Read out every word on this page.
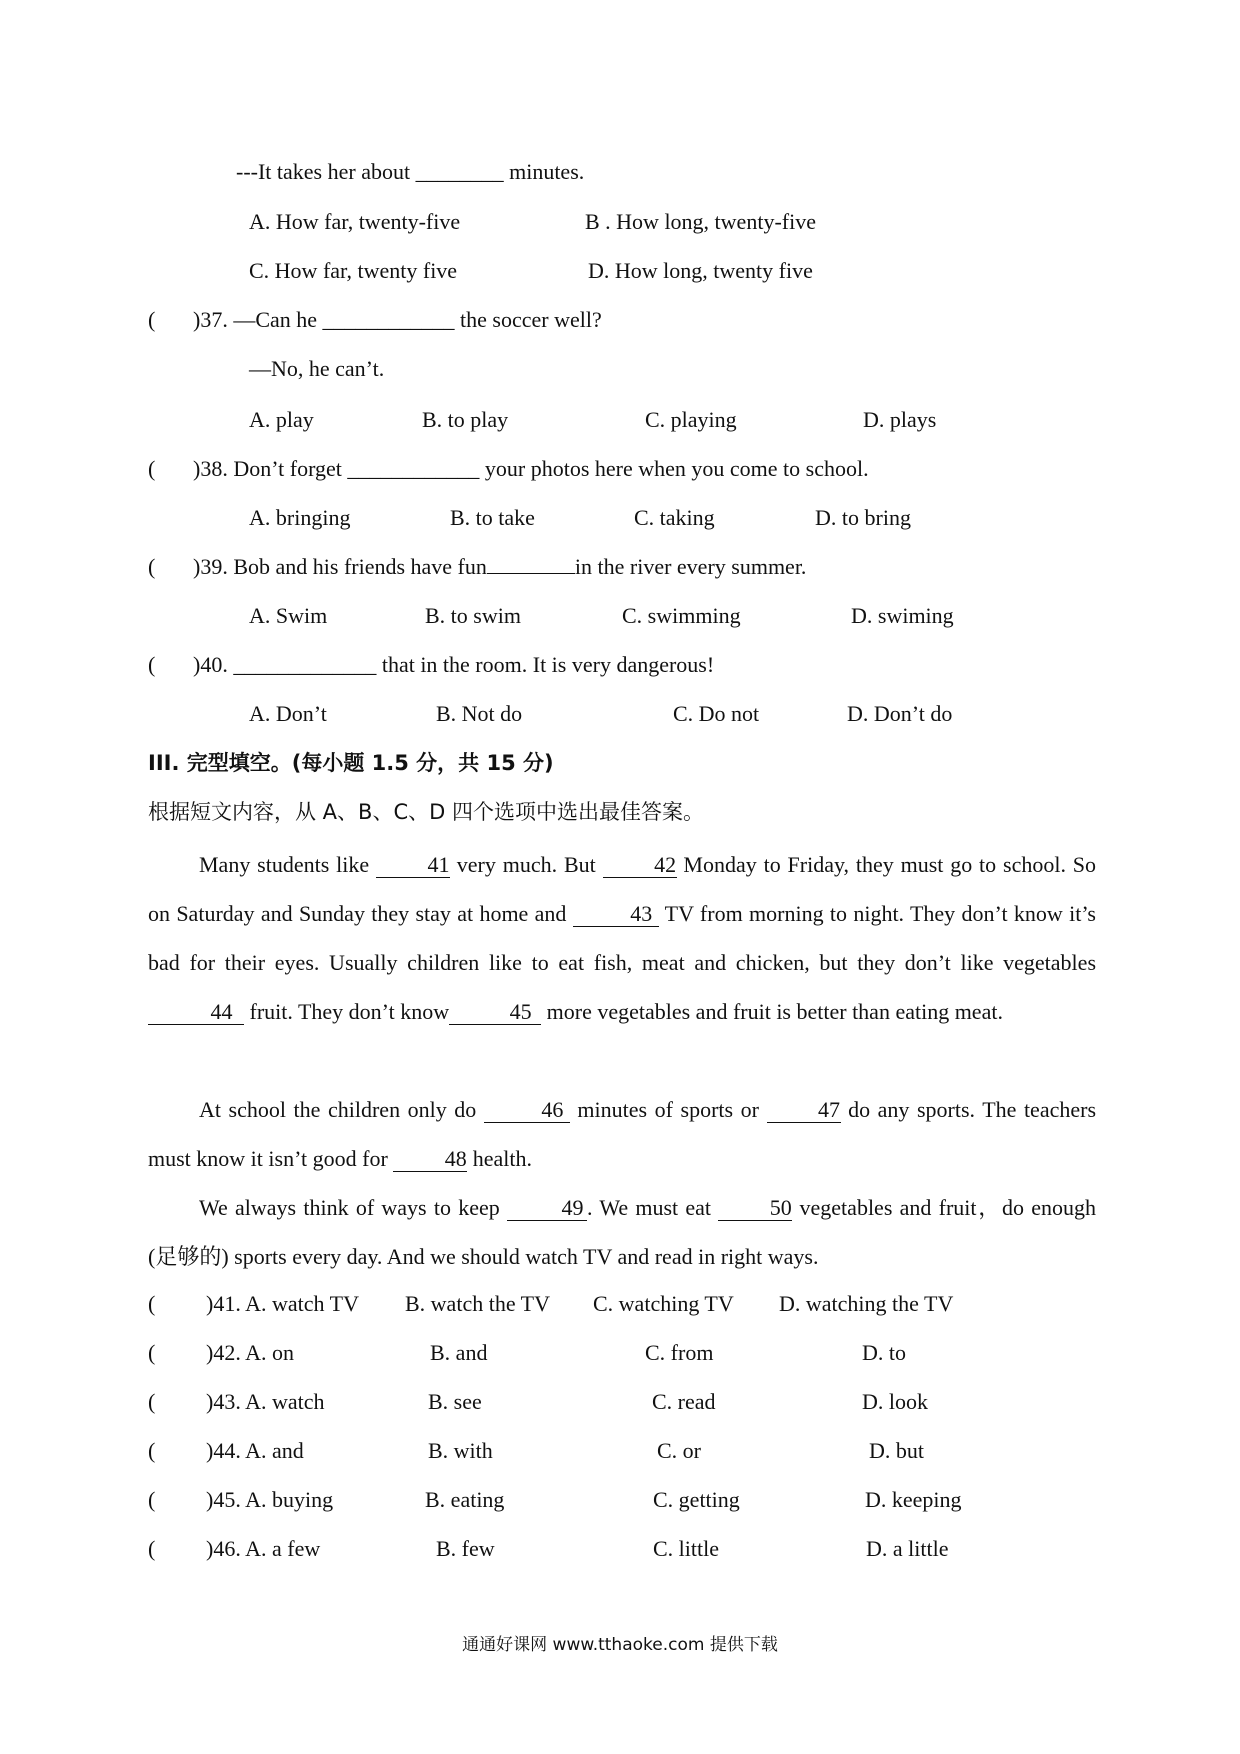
---It takes her about ________ minutes.
A. How far, twenty-five	B . How long, twenty-five
C. How far, twenty five	D. How long, twenty five
( )37. —Can he ____________ the soccer well?
—No, he can’t.
A. play	B. to play	C. playing	D. plays
( )38. Don’t forget ____________ your photos here when you come to school.
A. bringing	B. to take	C. taking	D. to bring
( )39. Bob and his friends have fun	in the river every summer.
A. Swim	B. to swim	C. swimming	D. swiming
( )40. _____________ that in the room. It is very dangerous!
A. Don’t	B. Not do	C. Do not	D. Don’t do
III. 完型填空。(每小题 1.5 分，共 15 分)
根据短文内容，从 A、B、C、D 四个选项中选出最佳答案。
Many students like	41 very much. But	42 Monday to Friday, they must go to school. So on Saturday and Sunday they stay at home and	43 TV from morning to night. They don’t know it’s bad for their eyes. Usually children like to eat fish, meat and chicken, but they don’t like vegetables44 fruit. They don’t know	45 more vegetables and fruit is better than eating meat.
At school the children only do	46 minutes of sports or	47 do any sports. The teachers must know it isn’t good for	48 health.
We always think of ways to keep	49 . We must eat	50 vegetables and fruit，do enough (足够的) sports every day. And we should watch TV and read in right ways.
( )41. A. watch TV B. watch the TV C. watching TV D. watching the TV
( )42. A. on	B. and	C. from	D. to
( )43. A. watch	B. see	C. read	D. look
( )44. A. and	B. with	C. or	D. but
( )45. A. buying	B. eating	C. getting	D. keeping
( )46. A. a few	B. few	C. little	D. a little
通通好课网 www.tthaoke.com 提供下载
